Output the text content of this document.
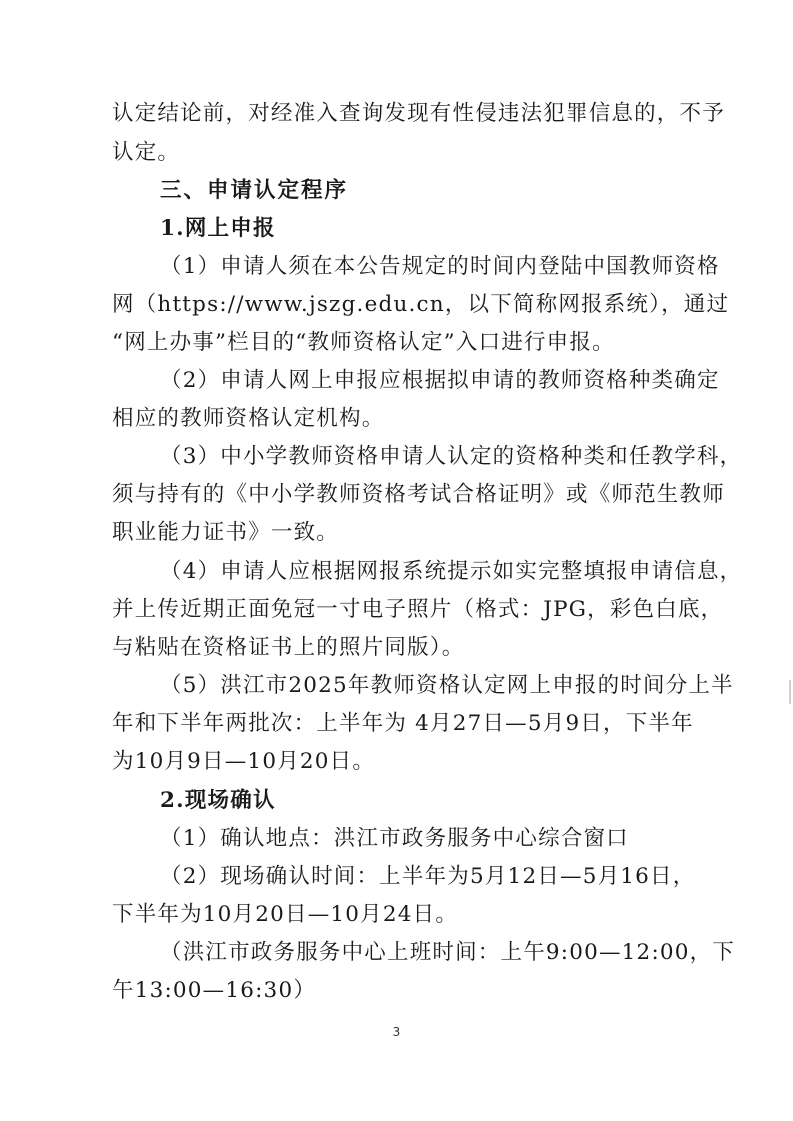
认定结论前，对经准入查询发现有性侵违法犯罪信息的，不予
认定。
三、申请认定程序
1.网上申报
（1）申请人须在本公告规定的时间内登陆中国教师资格
网（https://www.jszg.edu.cn，以下简称网报系统），通过
“网上办事”栏目的“教师资格认定”入口进行申报。
（2）申请人网上申报应根据拟申请的教师资格种类确定
相应的教师资格认定机构。
（3）中小学教师资格申请人认定的资格种类和任教学科，
须与持有的《中小学教师资格考试合格证明》或《师范生教师
职业能力证书》一致。
（4）申请人应根据网报系统提示如实完整填报申请信息，
并上传近期正面免冠一寸电子照片（格式：JPG，彩色白底，
与粘贴在资格证书上的照片同版）。
（5）洪江市2025年教师资格认定网上申报的时间分上半
年和下半年两批次：上半年为 4月27日—5月9日，下半年
为10月9日—10月20日。
2.现场确认
（1）确认地点：洪江市政务服务中心综合窗口
（2）现场确认时间：上半年为5月12日—5月16日，
下半年为10月20日—10月24日。
（洪江市政务服务中心上班时间：上午9:00—12:00，下
午13:00—16:30）
3
